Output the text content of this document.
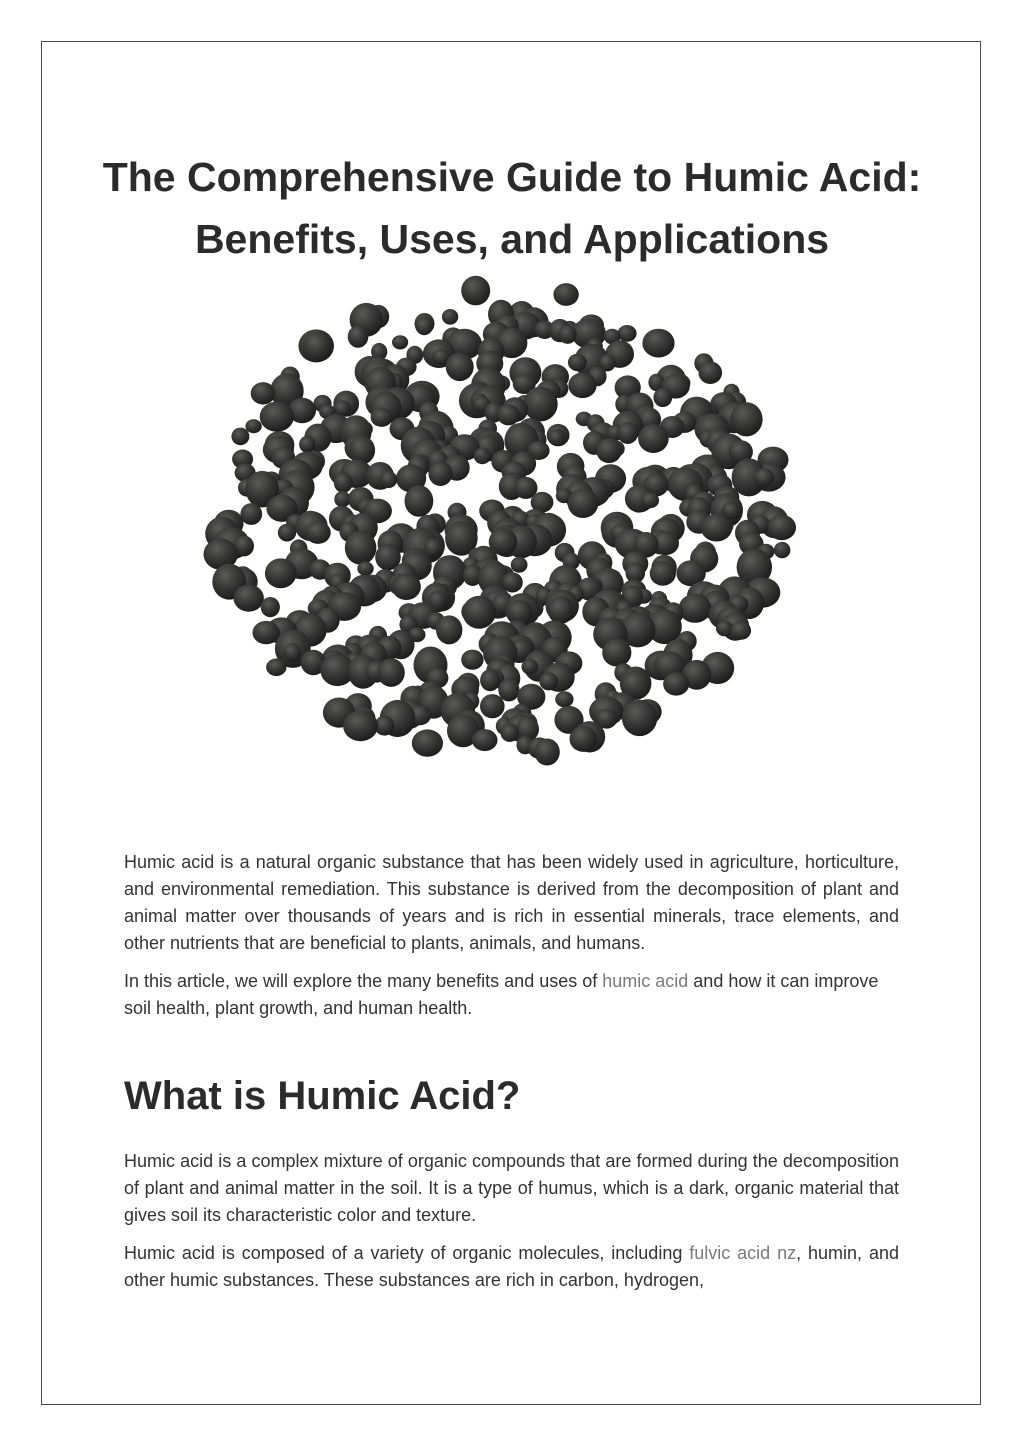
The Comprehensive Guide to Humic Acid: Benefits, Uses, and Applications

Humic acid is a natural organic substance that has been widely used in agriculture, horticulture, and environmental remediation. This substance is derived from the decomposition of plant and animal matter over thousands of years and is rich in essential minerals, trace elements, and other nutrients that are beneficial to plants, animals, and humans.

In this article, we will explore the many benefits and uses of humic acid and how it can improve soil health, plant growth, and human health.

What is Humic Acid?

Humic acid is a complex mixture of organic compounds that are formed during the decomposition of plant and animal matter in the soil. It is a type of humus, which is a dark, organic material that gives soil its characteristic color and texture.

Humic acid is composed of a variety of organic molecules, including fulvic acid nz, humin, and other humic substances. These substances are rich in carbon, hydrogen,
